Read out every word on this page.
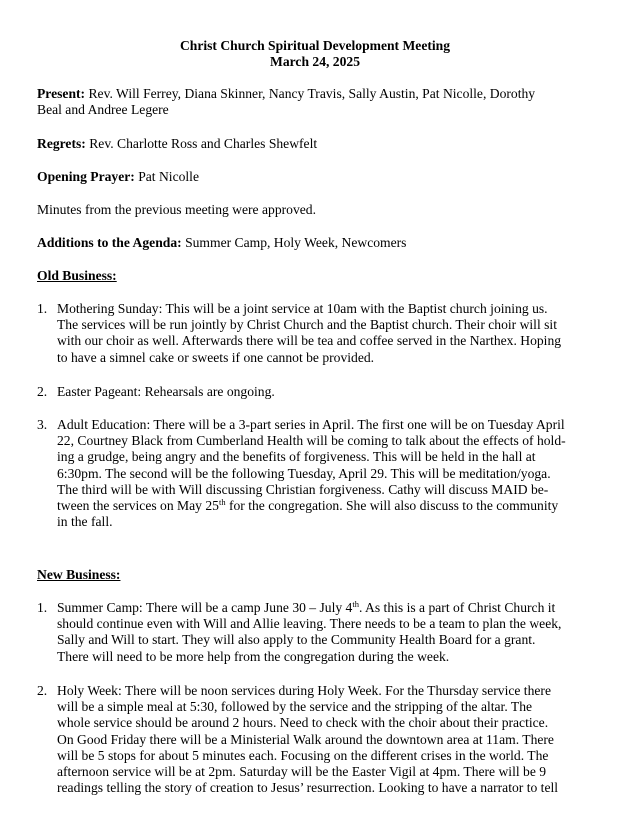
Christ Church Spiritual Development Meeting
March 24, 2025
Present: Rev. Will Ferrey, Diana Skinner, Nancy Travis, Sally Austin, Pat Nicolle, Dorothy
Beal and Andree Legere
Regrets: Rev. Charlotte Ross and Charles Shewfelt
Opening Prayer: Pat Nicolle
Minutes from the previous meeting were approved.
Additions to the Agenda: Summer Camp, Holy Week, Newcomers
Old Business:
1. Mothering Sunday: This will be a joint service at 10am with the Baptist church joining us.
The services will be run jointly by Christ Church and the Baptist church. Their choir will sit
with our choir as well. Afterwards there will be tea and coffee served in the Narthex. Hoping
to have a simnel cake or sweets if one cannot be provided.
2. Easter Pageant: Rehearsals are ongoing.
3. Adult Education: There will be a 3-part series in April. The first one will be on Tuesday April
22, Courtney Black from Cumberland Health will be coming to talk about the effects of hold-
ing a grudge, being angry and the benefits of forgiveness. This will be held in the hall at
6:30pm. The second will be the following Tuesday, April 29. This will be meditation/yoga.
The third will be with Will discussing Christian forgiveness. Cathy will discuss MAID be-
tween the services on May 25th for the congregation. She will also discuss to the community
in the fall.
New Business:
1. Summer Camp: There will be a camp June 30 – July 4th. As this is a part of Christ Church it
should continue even with Will and Allie leaving. There needs to be a team to plan the week,
Sally and Will to start. They will also apply to the Community Health Board for a grant.
There will need to be more help from the congregation during the week.
2. Holy Week: There will be noon services during Holy Week. For the Thursday service there
will be a simple meal at 5:30, followed by the service and the stripping of the altar. The
whole service should be around 2 hours. Need to check with the choir about their practice.
On Good Friday there will be a Ministerial Walk around the downtown area at 11am. There
will be 5 stops for about 5 minutes each. Focusing on the different crises in the world. The
afternoon service will be at 2pm. Saturday will be the Easter Vigil at 4pm. There will be 9
readings telling the story of creation to Jesus’ resurrection. Looking to have a narrator to tell
